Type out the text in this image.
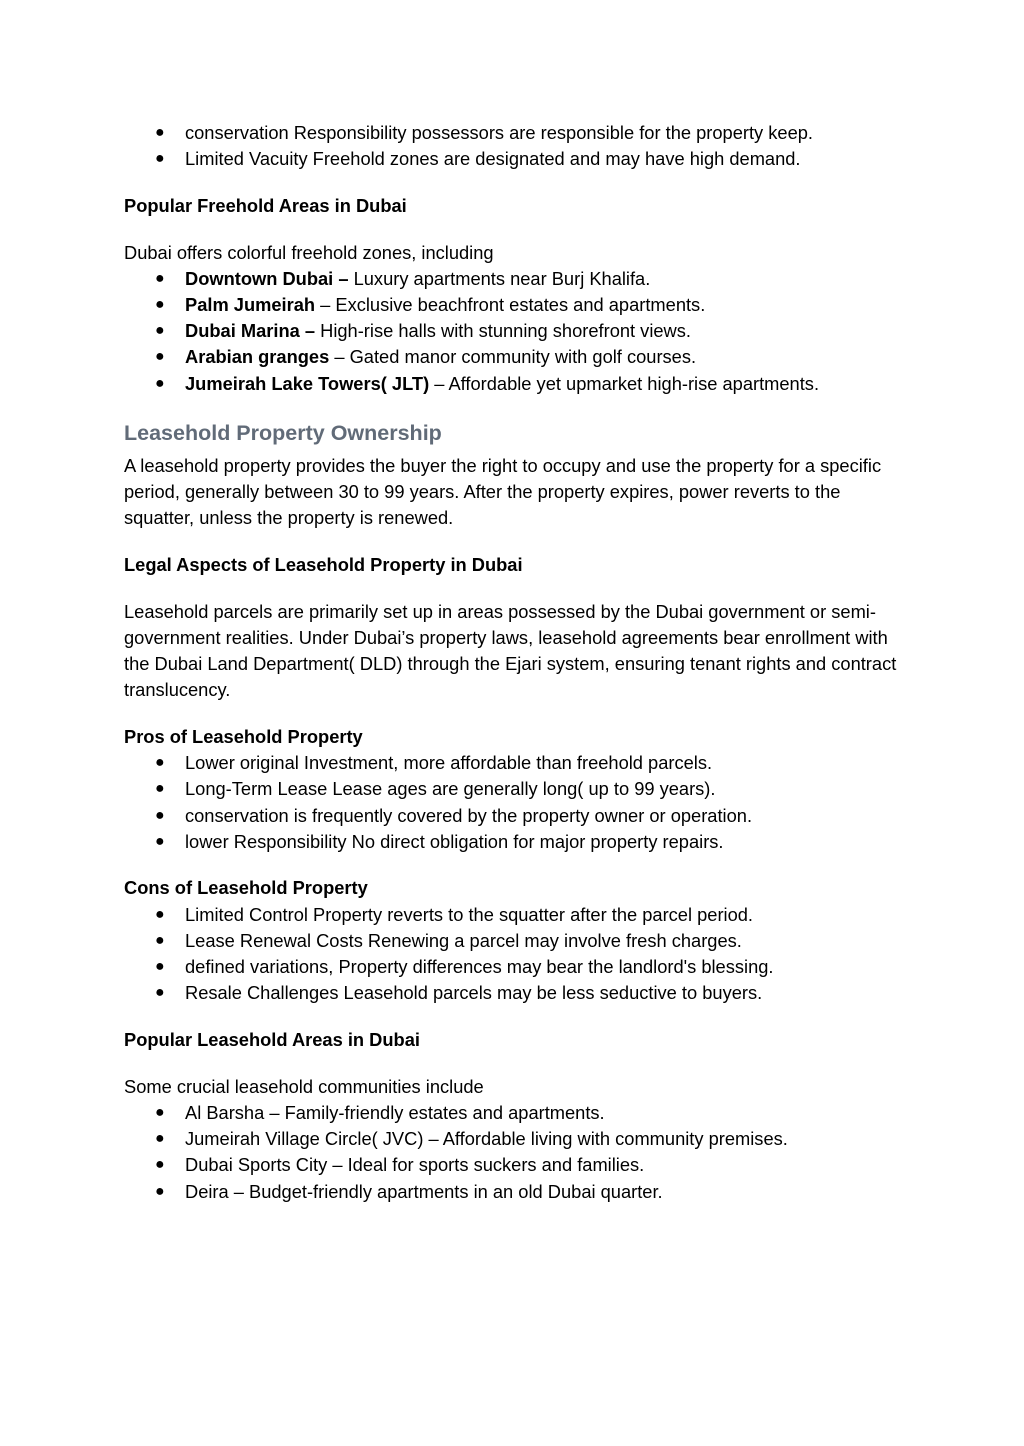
● conservation Responsibility possessors are responsible for the property keep.
● Limited Vacuity Freehold zones are designated and may have high demand.

Popular Freehold Areas in Dubai

Dubai offers colorful freehold zones, including

● Downtown Dubai – Luxury apartments near Burj Khalifa.
● Palm Jumeirah – Exclusive beachfront estates and apartments.
● Dubai Marina – High-rise halls with stunning shorefront views.
● Arabian granges – Gated manor community with golf courses.
● Jumeirah Lake Towers( JLT) – Affordable yet upmarket high-rise apartments.

Leasehold Property Ownership

A leasehold property provides the buyer the right to occupy and use the property for a specific period, generally between 30 to 99 years. After the property expires, power reverts to the squatter, unless the property is renewed.

Legal Aspects of Leasehold Property in Dubai

Leasehold parcels are primarily set up in areas possessed by the Dubai government or semi-government realities. Under Dubai’s property laws, leasehold agreements bear enrollment with the Dubai Land Department( DLD) through the Ejari system, ensuring tenant rights and contract translucency.

Pros of Leasehold Property

● Lower original Investment, more affordable than freehold parcels.
● Long-Term Lease Lease ages are generally long( up to 99 years).
● conservation is frequently covered by the property owner or operation.
● lower Responsibility No direct obligation for major property repairs.

Cons of Leasehold Property

● Limited Control Property reverts to the squatter after the parcel period.
● Lease Renewal Costs Renewing a parcel may involve fresh charges.
● defined variations, Property differences may bear the landlord's blessing.
● Resale Challenges Leasehold parcels may be less seductive to buyers.

Popular Leasehold Areas in Dubai

Some crucial leasehold communities include

● Al Barsha – Family-friendly estates and apartments.
● Jumeirah Village Circle( JVC) – Affordable living with community premises.
● Dubai Sports City – Ideal for sports suckers and families.
● Deira – Budget-friendly apartments in an old Dubai quarter.
